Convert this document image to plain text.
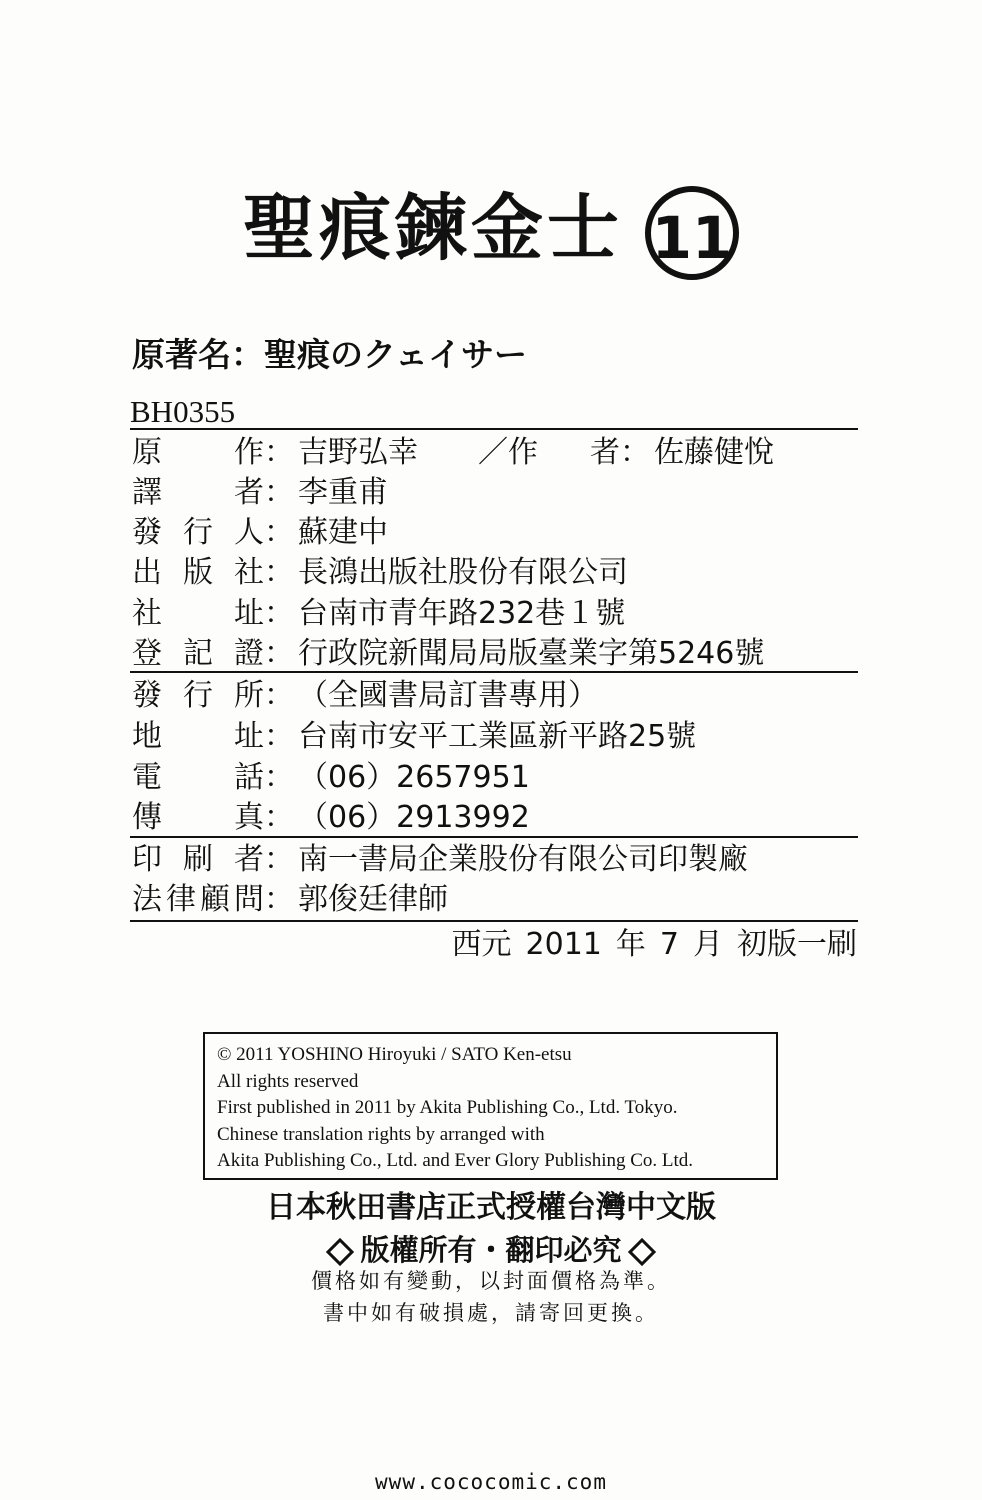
聖痕鍊金士 11
原著名：聖痕のクェイサー
BH0355
原 作： 吉野弘幸 ／作 者： 佐藤健悅
譯 者： 李重甫
發 行 人： 蘇建中
出 版 社： 長鴻出版社股份有限公司
社 址： 台南市青年路232巷１號
登 記 證： 行政院新聞局局版臺業字第5246號
發 行 所： （全國書局訂書專用）
地 址： 台南市安平工業區新平路25號
電 話： （06）2657951
傳 真： （06）2913992
印 刷 者： 南一書局企業股份有限公司印製廠
法 律 顧 問： 郭俊廷律師
西元 2011 年 7 月 初版一刷
© 2011 YOSHINO Hiroyuki / SATO Ken-etsu
All rights reserved
First published in 2011 by Akita Publishing Co., Ltd. Tokyo.
Chinese translation rights by arranged with
Akita Publishing Co., Ltd. and Ever Glory Publishing Co. Ltd.
日本秋田書店正式授權台灣中文版
版權所有・翻印必究
價格如有變動，以封面價格為準。
書中如有破損處，請寄回更換。
www.cococomic.com
